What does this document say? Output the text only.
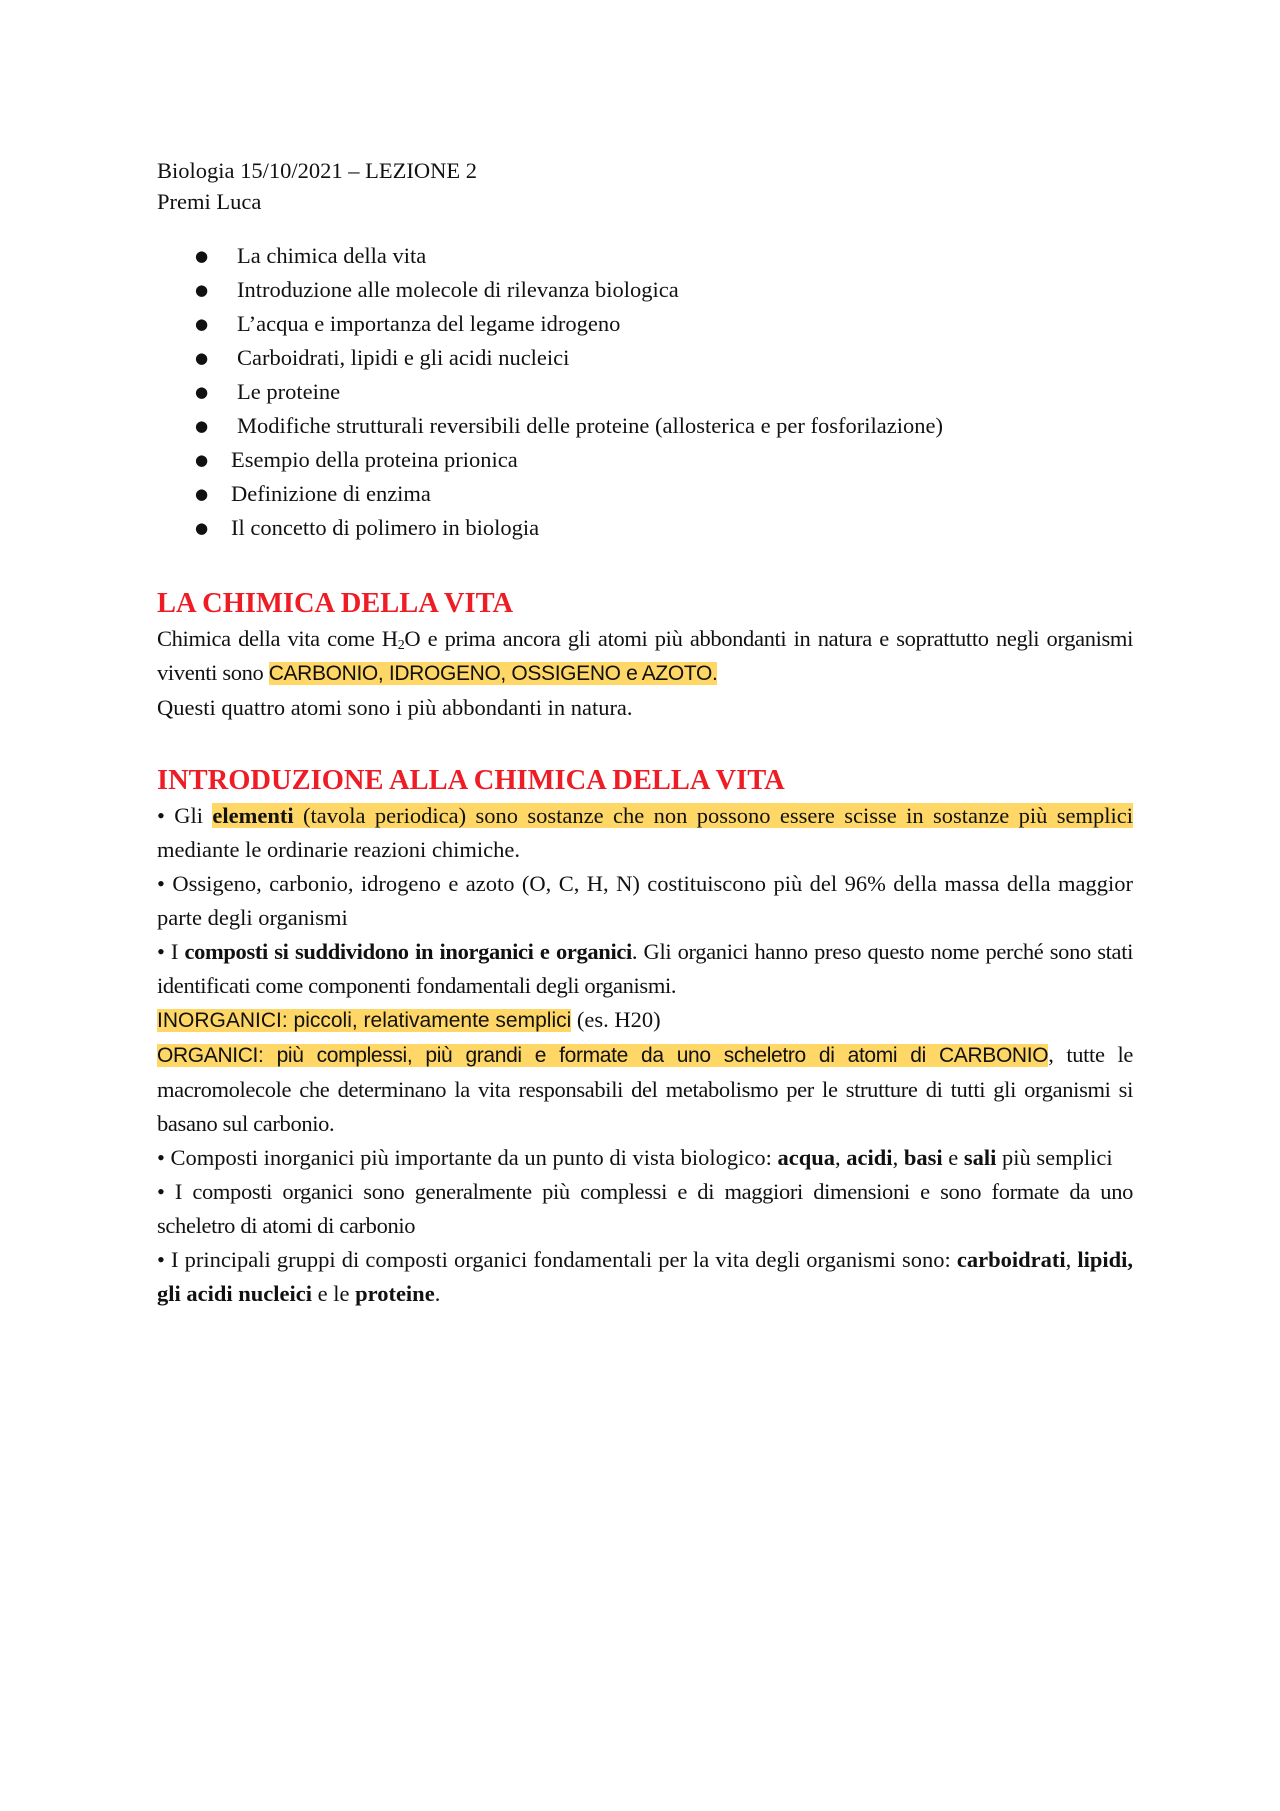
Biologia 15/10/2021 – LEZIONE 2
Premi Luca
● La chimica della vita
● Introduzione alle molecole di rilevanza biologica
● L’acqua e importanza del legame idrogeno
● Carboidrati, lipidi e gli acidi nucleici
● Le proteine
● Modifiche strutturali reversibili delle proteine (allosterica e per fosforilazione)
● Esempio della proteina prionica
● Definizione di enzima
● Il concetto di polimero in biologia
LA CHIMICA DELLA VITA

Chimica della vita come $H_2O$ e prima ancora gli atomi più abbondanti in natura e soprattutto negli organismi viventi sono CARBONIO, IDROGENO, OSSIGENO e AZOTO.

Questi quattro atomi sono i più abbondanti in natura.

INTRODUZIONE ALLA CHIMICA DELLA VITA

• Gli elementi (tavola periodica) sono sostanze che non possono essere scisse in sostanze più semplici mediante le ordinarie reazioni chimiche.

• Ossigeno, carbonio, idrogeno e azoto (O, C, H, N) costituiscono più del 96% della massa della maggior parte degli organismi

• I composti si suddividono in inorganici e organici. Gli organici hanno preso questo nome perché sono stati identificati come componenti fondamentali degli organismi.

INORGANICI: piccoli, relativamente semplici (es. H20)

ORGANICI: più complessi, più grandi e formate da uno scheletro di atomi di CARBONIO, tutte le macromolecole che determinano la vita responsabili del metabolismo per le strutture di tutti gli organismi si basano sul carbonio.

• Composti inorganici più importante da un punto di vista biologico: acqua, acidi, basi e sali più semplici

• I composti organici sono generalmente più complessi e di maggiori dimensioni e sono formate da uno scheletro di atomi di carbonio

• I principali gruppi di composti organici fondamentali per la vita degli organismi sono: carboidrati, lipidi, gli acidi nucleici e le proteine.
